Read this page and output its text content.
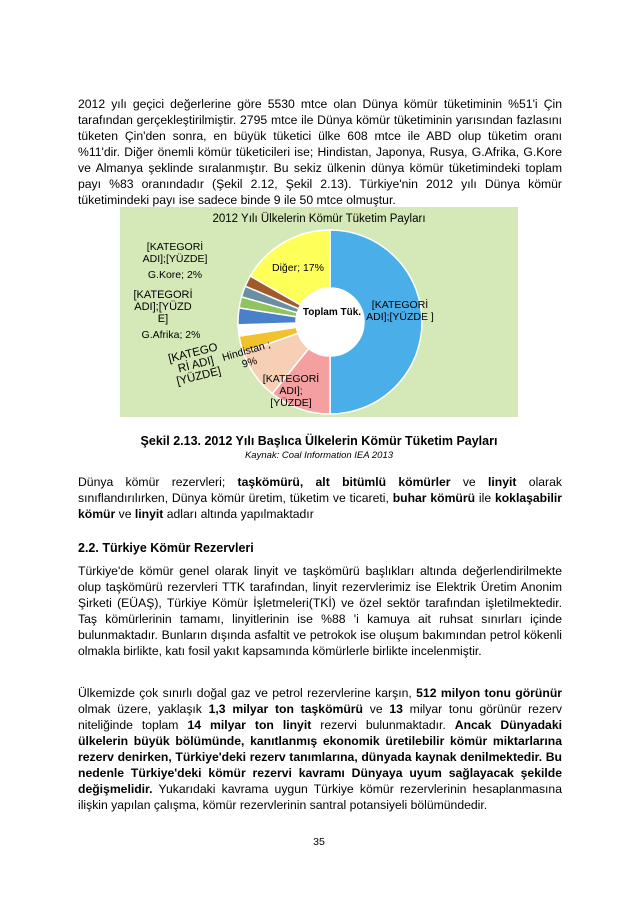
2012 yılı geçici değerlerine göre 5530 mtce olan Dünya kömür tüketiminin %51'i Çin tarafından gerçekleştirilmiştir. 2795 mtce ile Dünya kömür tüketiminin yarısından fazlasını tüketen Çin'den sonra, en büyük tüketici ülke 608 mtce ile ABD olup tüketim oranı %11'dir. Diğer önemli kömür tüketicileri ise; Hindistan, Japonya, Rusya, G.Afrika, G.Kore ve Almanya şeklinde sıralanmıştır. Bu sekiz ülkenin dünya kömür tüketimindeki toplam payı %83 oranındadır (Şekil 2.12, Şekil 2.13). Türkiye'nin 2012 yılı Dünya kömür tüketimindeki payı ise sadece binde 9 ile 50 mtce olmuştur.

2012 Yılı Ülkelerin Kömür Tüketim Payları
Toplam Tük.
[KATEGORİ ADI];[YÜZDE ]
[KATEGORİ ADI]; [YÜZDE]
Hindistan ; 9%
[KATEGO Rİ ADI] [YÜZDE]
[KATEGORİ ADI];[YÜZD E]
G.Afrika; 2%
[KATEGORİ ADI];[YÜZDE]
G.Kore; 2%
Diğer; 17%
Şekil 2.13. 2012 Yılı Başlıca Ülkelerin Kömür Tüketim Payları
Kaynak: Coal Information IEA 2013

Dünya kömür rezervleri; taşkömürü, alt bitümlü kömürler ve linyit olarak sınıflandırılırken, Dünya kömür üretim, tüketim ve ticareti, buhar kömürü ile koklaşabilir kömür ve linyit adları altında yapılmaktadır

2.2. Türkiye Kömür Rezervleri

Türkiye'de kömür genel olarak linyit ve taşkömürü başlıkları altında değerlendirilmekte olup taşkömürü rezervleri TTK tarafından, linyit rezervlerimiz ise Elektrik Üretim Anonim Şirketi (EÜAŞ), Türkiye Kömür İşletmeleri(TKİ) ve özel sektör tarafından işletilmektedir. Taş kömürlerinin tamamı, linyitlerinin ise %88 'i kamuya ait ruhsat sınırları içinde bulunmaktadır. Bunların dışında asfaltit ve petrokok ise oluşum bakımından petrol kökenli olmakla birlikte, katı fosil yakıt kapsamında kömürlerle birlikte incelenmiştir.

Ülkemizde çok sınırlı doğal gaz ve petrol rezervlerine karşın, 512 milyon tonu görünür olmak üzere, yaklaşık 1,3 milyar ton taşkömürü ve 13 milyar tonu görünür rezerv niteliğinde toplam 14 milyar ton linyit rezervi bulunmaktadır. Ancak Dünyadaki ülkelerin büyük bölümünde, kanıtlanmış ekonomik üretilebilir kömür miktarlarına rezerv denirken, Türkiye'deki rezerv tanımlarına, dünyada kaynak denilmektedir. Bu nedenle Türkiye'deki kömür rezervi kavramı Dünyaya uyum sağlayacak şekilde değişmelidir. Yukarıdaki kavrama uygun Türkiye kömür rezervlerinin hesaplanmasına ilişkin yapılan çalışma, kömür rezervlerinin santral potansiyeli bölümündedir.

35
